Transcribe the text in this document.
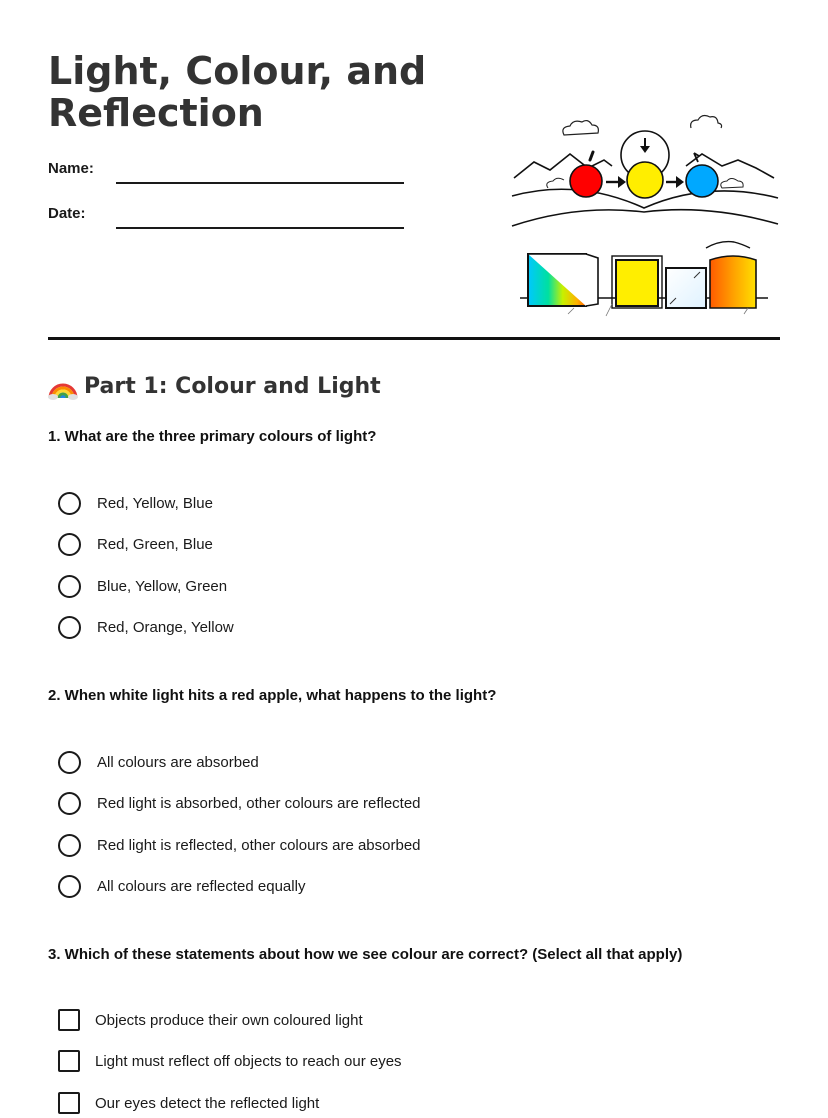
Light, Colour, and Reflection
Name:
Date:
Part 1: Colour and Light

1. What are the three primary colours of light?

Red, Yellow, Blue
Red, Green, Blue
Blue, Yellow, Green
Red, Orange, Yellow

2. When white light hits a red apple, what happens to the light?

All colours are absorbed
Red light is absorbed, other colours are reflected
Red light is reflected, other colours are absorbed
All colours are reflected equally

3. Which of these statements about how we see colour are correct? (Select all that apply)

Objects produce their own coloured light
Light must reflect off objects to reach our eyes
Our eyes detect the reflected light
